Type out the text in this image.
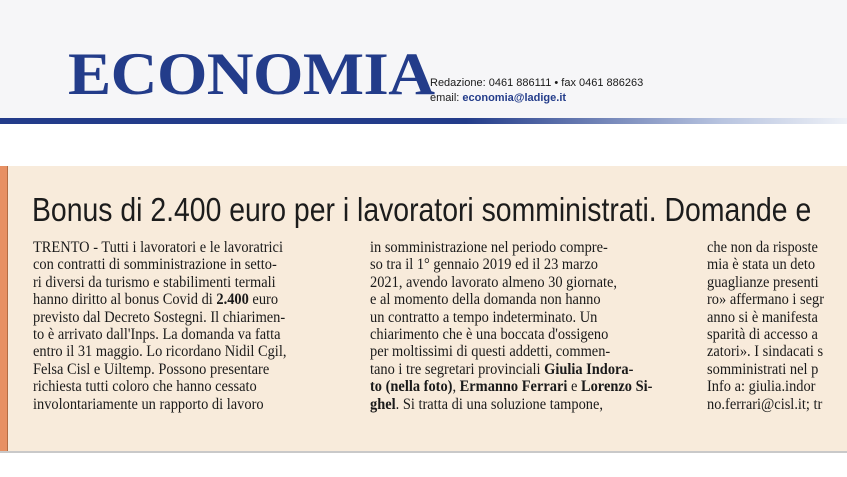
ECONOMIA
Redazione: 0461 886111 • fax 0461 886263
email: economia@ladige.it
Bonus di 2.400 euro per i lavoratori somministrati. Domande e
TRENTO - Tutti i lavoratori e le lavoratrici
con contratti di somministrazione in setto-
ri diversi da turismo e stabilimenti termali
hanno diritto al bonus Covid di 2.400 euro
previsto dal Decreto Sostegni. Il chiarimen-
to è arrivato dall'Inps. La domanda va fatta
entro il 31 maggio. Lo ricordano Nidil Cgil,
Felsa Cisl e Uiltemp. Possono presentare
richiesta tutti coloro che hanno cessato
involontariamente un rapporto di lavoro
in somministrazione nel periodo compre-
so tra il 1° gennaio 2019 ed il 23 marzo
2021, avendo lavorato almeno 30 giornate,
e al momento della domanda non hanno
un contratto a tempo indeterminato. Un
chiarimento che è una boccata d'ossigeno
per moltissimi di questi addetti, commen-
tano i tre segretari provinciali Giulia Indora-
to (nella foto), Ermanno Ferrari e Lorenzo Si-
ghel. Si tratta di una soluzione tampone,
che non da risposte
mia è stata un deto
guaglianze presenti
ro» affermano i segr
anno si è manifesta
sparità di accesso a
zatori». I sindacati s
somministrati nel p
Info a: giulia.indor
no.ferrari@cisl.it; tr
